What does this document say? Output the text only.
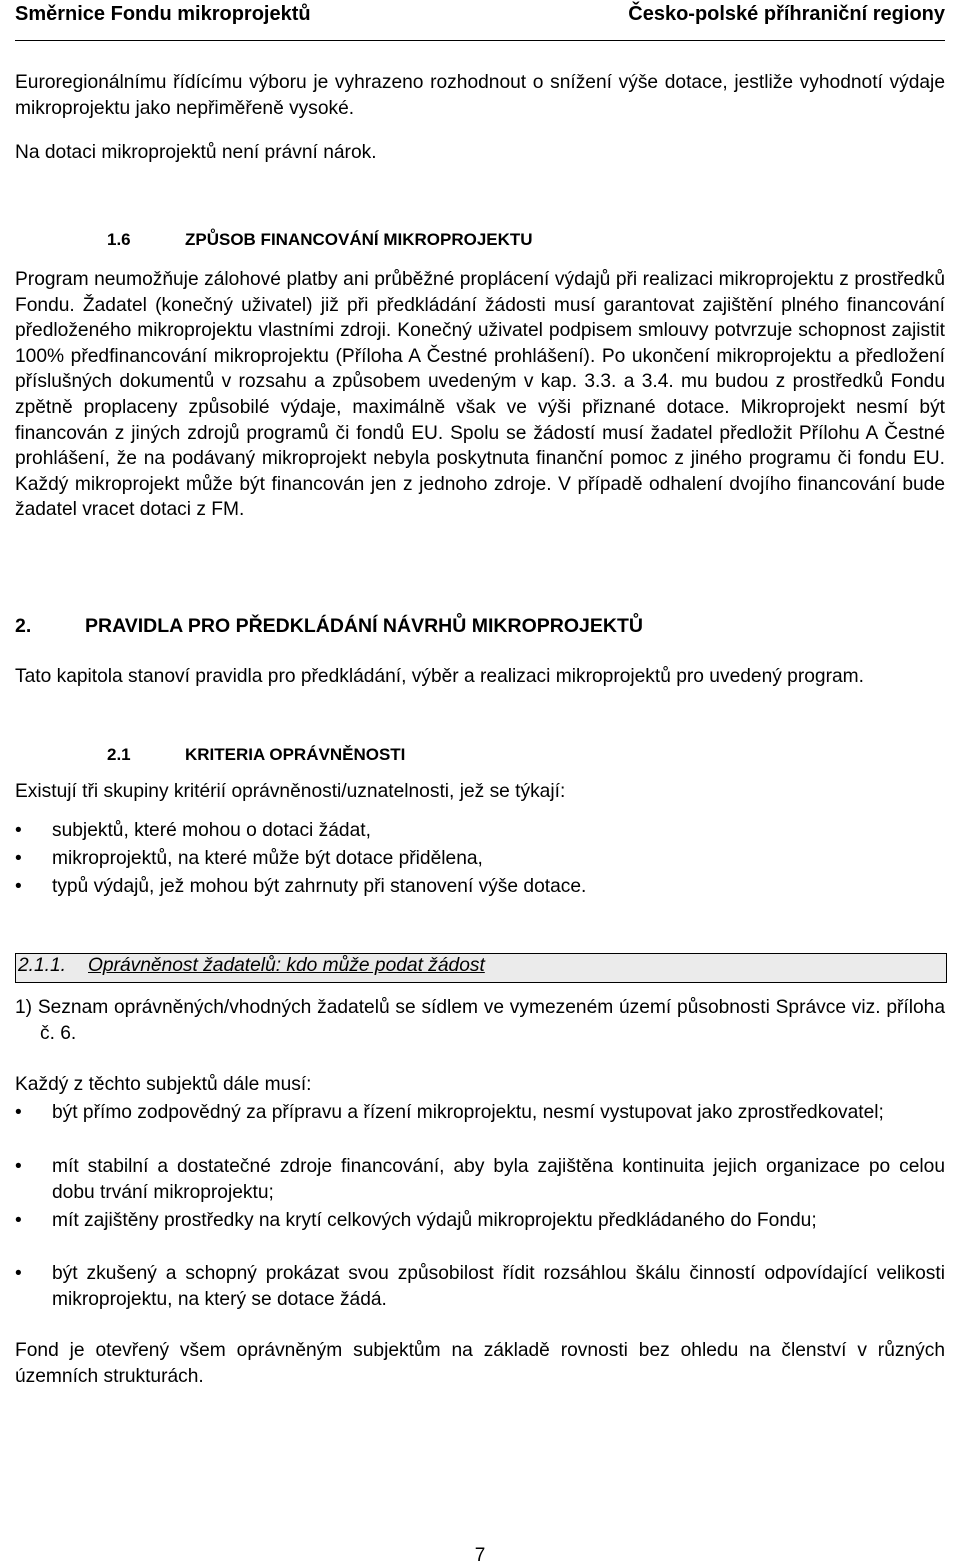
Směrnice Fondu mikroprojektů	Česko-polské příhraniční regiony
Euroregionálnímu řídícímu výboru je vyhrazeno rozhodnout o snížení výše dotace, jestliže vyhodnotí výdaje mikroprojektu jako nepřiměřeně vysoké.
Na dotaci mikroprojektů není právní nárok.
1.6	ZPŮSOB FINANCOVÁNÍ MIKROPROJEKTU
Program neumožňuje zálohové platby ani průběžné proplácení výdajů při realizaci mikroprojektu z prostředků Fondu. Žadatel (konečný uživatel) již při předkládání žádosti musí garantovat zajištění plného financování předloženého mikroprojektu vlastními zdroji. Konečný uživatel podpisem smlouvy potvrzuje schopnost zajistit 100% předfinancování mikroprojektu (Příloha A Čestné prohlášení). Po ukončení mikroprojektu a předložení příslušných dokumentů v rozsahu a způsobem uvedeným v kap. 3.3. a 3.4. mu budou z prostředků Fondu zpětně proplaceny způsobilé výdaje, maximálně však ve výši přiznané dotace. Mikroprojekt nesmí být financován z jiných zdrojů programů či fondů EU. Spolu se žádostí musí žadatel předložit Přílohu A Čestné prohlášení, že na podávaný mikroprojekt nebyla poskytnuta finanční pomoc z jiného programu či fondu EU. Každý mikroprojekt může být financován jen z jednoho zdroje. V případě odhalení dvojího financování bude žadatel vracet dotaci z FM.
2.	PRAVIDLA PRO PŘEDKLÁDÁNÍ NÁVRHŮ MIKROPROJEKTŮ
Tato kapitola stanoví pravidla pro předkládání, výběr a realizaci mikroprojektů pro uvedený program.
2.1	KRITERIA OPRÁVNĚNOSTI
Existují tři skupiny kritérií oprávněnosti/uznatelnosti, jež se týkají:
• subjektů, které mohou o dotaci žádat,
• mikroprojektů, na které může být dotace přidělena,
• typů výdajů, jež mohou být zahrnuty při stanovení výše dotace.
2.1.1. Oprávněnost žadatelů: kdo může podat žádost
1) Seznam oprávněných/vhodných žadatelů se sídlem ve vymezeném území působnosti Správce viz. příloha č. 6.
Každý z těchto subjektů dále musí:
• být přímo zodpovědný za přípravu a řízení mikroprojektu, nesmí vystupovat jako zprostředkovatel;
• mít stabilní a dostatečné zdroje financování, aby byla zajištěna kontinuita jejich organizace po celou dobu trvání mikroprojektu;
• mít zajištěny prostředky na krytí celkových výdajů mikroprojektu předkládaného do Fondu;
• být zkušený a schopný prokázat svou způsobilost řídit rozsáhlou škálu činností odpovídající velikosti mikroprojektu, na který se dotace žádá.
Fond je otevřený všem oprávněným subjektům na základě rovnosti bez ohledu na členství v různých územních strukturách.
7
